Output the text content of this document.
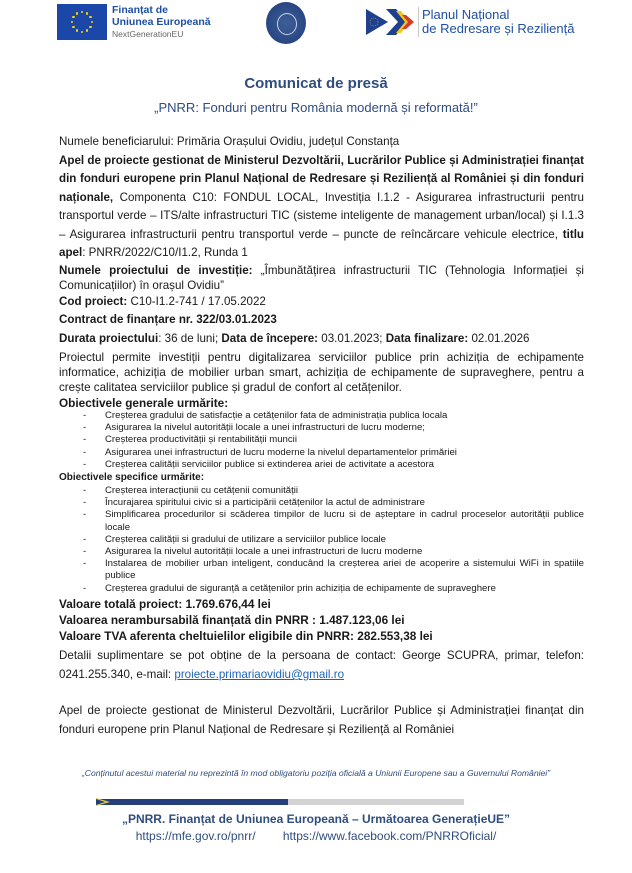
Finanțat de
Uniunea Europeană
NextGenerationEU
Planul Național
de Redresare și Reziliență
Comunicat de presă
„PNRR: Fonduri pentru România modernă și reformată!”

Numele beneficiarului: Primăria Orașului Ovidiu, județul Constanța

Apel de proiecte gestionat de Ministerul Dezvoltării, Lucrărilor Publice și Administrației finanțat din fonduri europene prin Planul Național de Redresare și Reziliență al României și din fonduri naționale, Componenta C10: FONDUL LOCAL, Investiția I.1.2 - Asigurarea infrastructurii pentru transportul verde – ITS/alte infrastructuri TIC (sisteme inteligente de management urban/local) și I.1.3 – Asigurarea infrastructurii pentru transportul verde – puncte de reîncărcare vehicule electrice, titlu apel: PNRR/2022/C10/I1.2, Runda 1

Numele proiectului de investiție: „Îmbunătățirea infrastructurii TIC (Tehnologia Informației și Comunicațiilor) în orașul Ovidiu”

Cod proiect: C10-I1.2-741 / 17.05.2022

Contract de finanțare nr. 322/03.01.2023

Durata proiectului: 36 de luni; Data de începere: 03.01.2023; Data finalizare: 02.01.2026

Proiectul permite investiții pentru digitalizarea serviciilor publice prin achiziția de echipamente informatice, achiziția de mobilier urban smart, achiziția de echipamente de supraveghere, pentru a crește calitatea serviciilor publice și gradul de confort al cetățenilor.

Obiectivele generale urmărite:

- Creșterea gradului de satisfacție a cetățenilor fata de administrația publica locala
- Asigurarea la nivelul autorității locale a unei infrastructuri de lucru moderne;
- Creșterea productivității și rentabilității muncii
- Asigurarea unei infrastructuri de lucru moderne la nivelul departamentelor primăriei
- Creșterea calității serviciilor publice si extinderea ariei de activitate a acestora

Obiectivele specifice urmărite:

- Creșterea interacțiunii cu cetățenii comunității
- Încurajarea spiritului civic si a participării cetățenilor la actul de administrare
- Simplificarea procedurilor si scăderea timpilor de lucru si de așteptare in cadrul proceselor autorității publice locale
- Creșterea calității si gradului de utilizare a serviciilor publice locale
- Asigurarea la nivelul autorității locale a unei infrastructuri de lucru moderne
- Instalarea de mobilier urban inteligent, conducând la creșterea ariei de acoperire a sistemului WiFi in spatiile publice
- Creșterea gradului de siguranță a cetățenilor prin achiziția de echipamente de supraveghere

Valoare totală proiect: 1.769.676,44 lei

Valoarea nerambursabilă finanțată din PNRR : 1.487.123,06 lei

Valoare TVA aferenta cheltuielilor eligibile din PNRR: 282.553,38 lei

Detalii suplimentare se pot obține de la persoana de contact: George SCUPRA, primar, telefon: 0241.255.340, e-mail: proiecte.primariaovidiu@gmail.ro

Apel de proiecte gestionat de Ministerul Dezvoltării, Lucrărilor Publice și Administrației finanțat din fonduri europene prin Planul Național de Redresare și Reziliență al României

„Conținutul acestui material nu reprezintă în mod obligatoriu poziția oficială a Uniunii Europene sau a Guvernului României”
„PNRR. Finanțat de Uniunea Europeană – Următoarea GenerațieUE”
https://mfe.gov.ro/pnrr/ https://www.facebook.com/PNRROficial/
